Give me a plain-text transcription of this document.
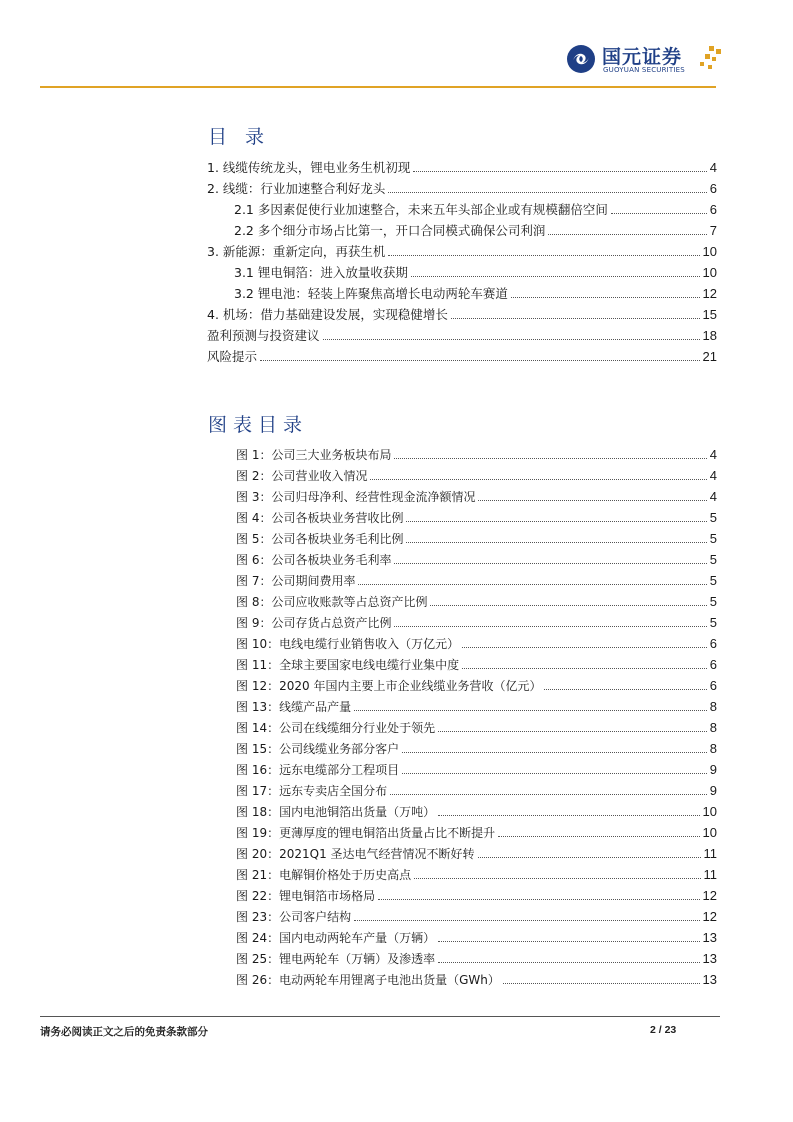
国元证券
GUOYUAN SECURITIES
目 录
1. 线缆传统龙头，锂电业务生机初现	4
2. 线缆：行业加速整合利好龙头	6
2.1 多因素促使行业加速整合，未来五年头部企业或有规模翻倍空间	6
2.2 多个细分市场占比第一，开口合同模式确保公司利润	7
3. 新能源：重新定向，再获生机	10
3.1 锂电铜箔：进入放量收获期	10
3.2 锂电池：轻装上阵聚焦高增长电动两轮车赛道	12
4. 机场：借力基础建设发展，实现稳健增长	15
盈利预测与投资建议	18
风险提示	21
图表目录
图 1：公司三大业务板块布局	4
图 2：公司营业收入情况	4
图 3：公司归母净利、经营性现金流净额情况	4
图 4：公司各板块业务营收比例	5
图 5：公司各板块业务毛利比例	5
图 6：公司各板块业务毛利率	5
图 7：公司期间费用率	5
图 8：公司应收账款等占总资产比例	5
图 9：公司存货占总资产比例	5
图 10：电线电缆行业销售收入（万亿元）	6
图 11：全球主要国家电线电缆行业集中度	6
图 12：2020 年国内主要上市企业线缆业务营收（亿元）	6
图 13：线缆产品产量	8
图 14：公司在线缆细分行业处于领先	8
图 15：公司线缆业务部分客户	8
图 16：远东电缆部分工程项目	9
图 17：远东专卖店全国分布	9
图 18：国内电池铜箔出货量（万吨）	10
图 19：更薄厚度的锂电铜箔出货量占比不断提升	10
图 20：2021Q1 圣达电气经营情况不断好转	11
图 21：电解铜价格处于历史高点	11
图 22：锂电铜箔市场格局	12
图 23：公司客户结构	12
图 24：国内电动两轮车产量（万辆）	13
图 25：锂电两轮车（万辆）及渗透率	13
图 26：电动两轮车用锂离子电池出货量（GWh）	13
请务必阅读正文之后的免责条款部分	2 / 23
